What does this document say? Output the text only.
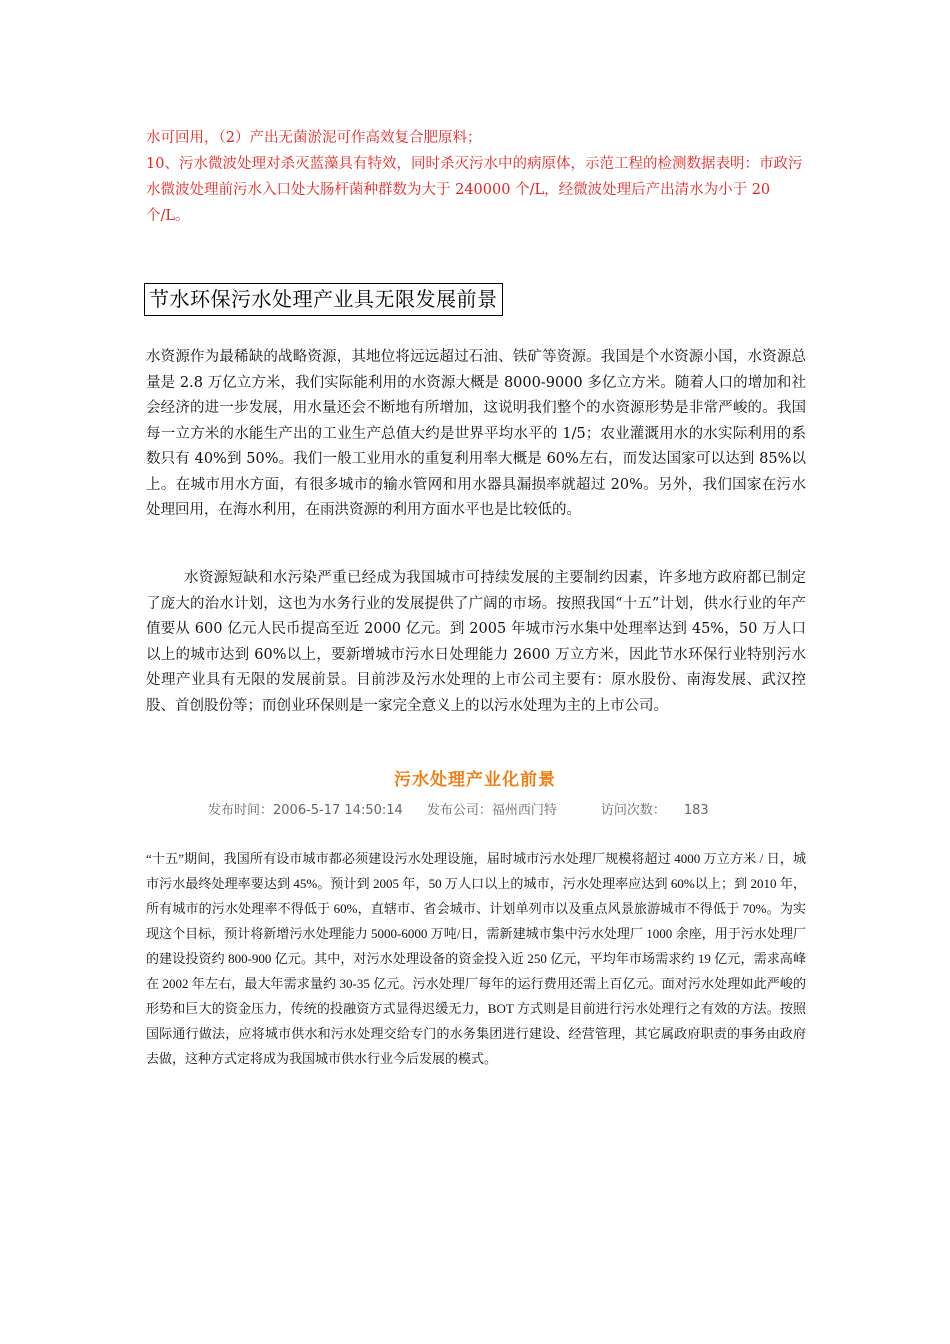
水可回用，（2）产出无菌淤泥可作高效复合肥原料；

10、污水微波处理对杀灭蓝藻具有特效，同时杀灭污水中的病原体，示范工程的检测数据表明：市政污水微波处理前污水入口处大肠杆菌种群数为大于 240000 个/L，经微波处理后产出清水为小于 20 个/L。

节水环保污水处理产业具无限发展前景

水资源作为最稀缺的战略资源，其地位将远远超过石油、铁矿等资源。我国是个水资源小国，水资源总量是 2.8 万亿立方米，我们实际能利用的水资源大概是 8000-9000 多亿立方米。随着人口的增加和社会经济的进一步发展，用水量还会不断地有所增加，这说明我们整个的水资源形势是非常严峻的。我国每一立方米的水能生产出的工业生产总值大约是世界平均水平的 1/5；农业灌溉用水的水实际利用的系数只有 40%到 50%。我们一般工业用水的重复利用率大概是 60%左右，而发达国家可以达到 85%以上。在城市用水方面，有很多城市的输水管网和用水器具漏损率就超过 20%。另外，我们国家在污水处理回用，在海水利用，在雨洪资源的利用方面水平也是比较低的。

水资源短缺和水污染严重已经成为我国城市可持续发展的主要制约因素，许多地方政府都已制定了庞大的治水计划，这也为水务行业的发展提供了广阔的市场。按照我国“十五”计划，供水行业的年产值要从 600 亿元人民币提高至近 2000 亿元。到 2005 年城市污水集中处理率达到 45%，50 万人口以上的城市达到 60%以上，要新增城市污水日处理能力 2600 万立方米，因此节水环保行业特别污水处理产业具有无限的发展前景。目前涉及污水处理的上市公司主要有：原水股份、南海发展、武汉控股、首创股份等；而创业环保则是一家完全意义上的以污水处理为主的上市公司。

污水处理产业化前景
发布时间：2006-5-17 14:50:14 发布公司：福州西门特	访问次数： 183

“十五”期间，我国所有设市城市都必须建设污水处理设施，届时城市污水处理厂规模将超过 4000 万立方米 / 日，城市污水最终处理率要达到 45%。预计到 2005 年，50 万人口以上的城市，污水处理率应达到 60%以上；到 2010 年，所有城市的污水处理率不得低于 60%，直辖市、省会城市、计划单列市以及重点风景旅游城市不得低于 70%。为实现这个目标，预计将新增污水处理能力 5000-6000 万吨/日，需新建城市集中污水处理厂 1000 余座，用于污水处理厂的建设投资约 800-900 亿元。其中，对污水处理设备的资金投入近 250 亿元，平均年市场需求约 19 亿元，需求高峰在 2002 年左右，最大年需求量约 30-35 亿元。污水处理厂每年的运行费用还需上百亿元。面对污水处理如此严峻的形势和巨大的资金压力，传统的投融资方式显得迟缓无力，BOT 方式则是目前进行污水处理行之有效的方法。按照国际通行做法，应将城市供水和污水处理交给专门的水务集团进行建设、经营管理，其它属政府职责的事务由政府去做，这种方式定将成为我国城市供水行业今后发展的模式。
